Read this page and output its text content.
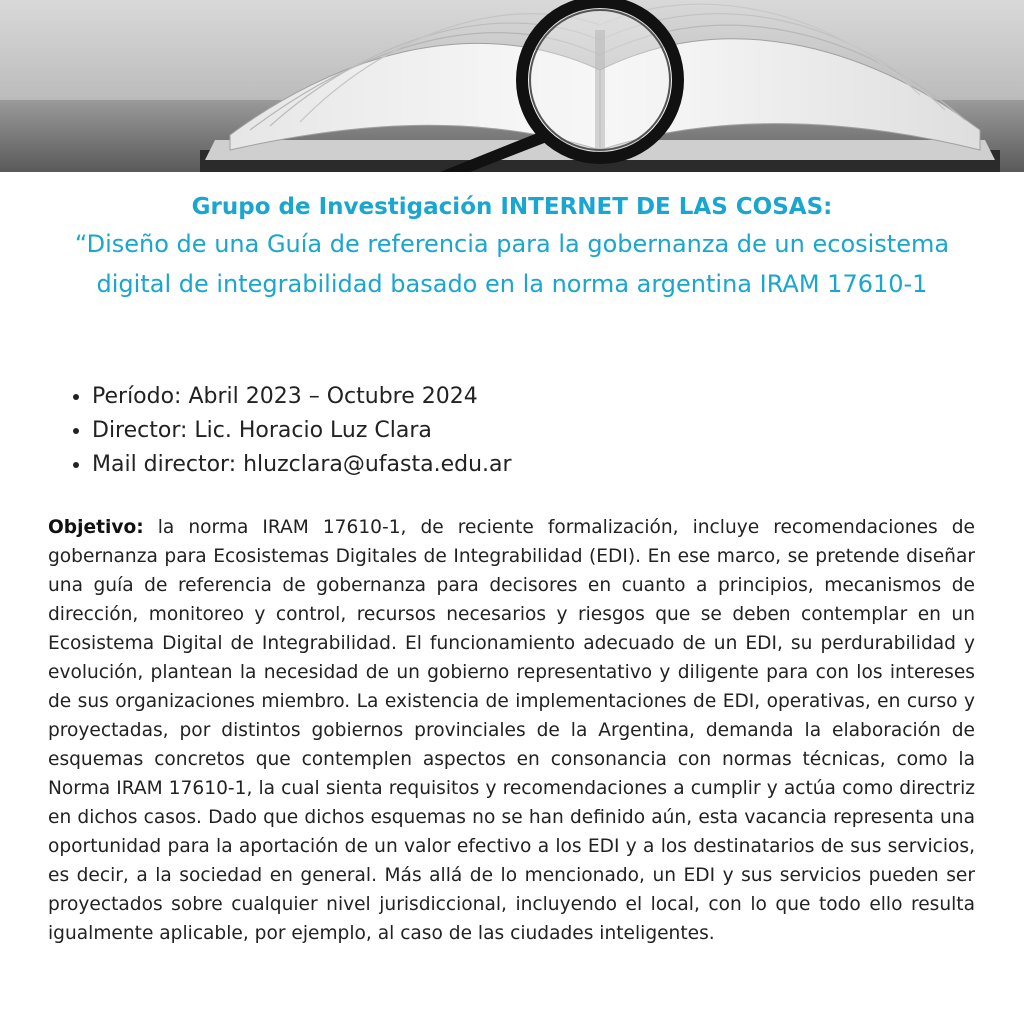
Grupo de Investigación INTERNET DE LAS COSAS:

“Diseño de una Guía de referencia para la gobernanza de un ecosistema digital de integrabilidad basado en la norma argentina IRAM 17610-1

• Período: Abril 2023 – Octubre 2024
• Director: Lic. Horacio Luz Clara
• Mail director: hluzclara@ufasta.edu.ar

Objetivo: la norma IRAM 17610-1, de reciente formalización, incluye recomendaciones de gobernanza para Ecosistemas Digitales de Integrabilidad (EDI). En ese marco, se pretende diseñar una guía de referencia de gobernanza para decisores en cuanto a principios, mecanismos de dirección, monitoreo y control, recursos necesarios y riesgos que se deben contemplar en un Ecosistema Digital de Integrabilidad. El funcionamiento adecuado de un EDI, su perdurabilidad y evolución, plantean la necesidad de un gobierno representativo y diligente para con los intereses de sus organizaciones miembro. La existencia de implementaciones de EDI, operativas, en curso y proyectadas, por distintos gobiernos provinciales de la Argentina, demanda la elaboración de esquemas concretos que contemplen aspectos en consonancia con normas técnicas, como la Norma IRAM 17610-1, la cual sienta requisitos y recomendaciones a cumplir y actúa como directriz en dichos casos. Dado que dichos esquemas no se han definido aún, esta vacancia representa una oportunidad para la aportación de un valor efectivo a los EDI y a los destinatarios de sus servicios, es decir, a la sociedad en general. Más allá de lo mencionado, un EDI y sus servicios pueden ser proyectados sobre cualquier nivel jurisdiccional, incluyendo el local, con lo que todo ello resulta igualmente aplicable, por ejemplo, al caso de las ciudades inteligentes.
